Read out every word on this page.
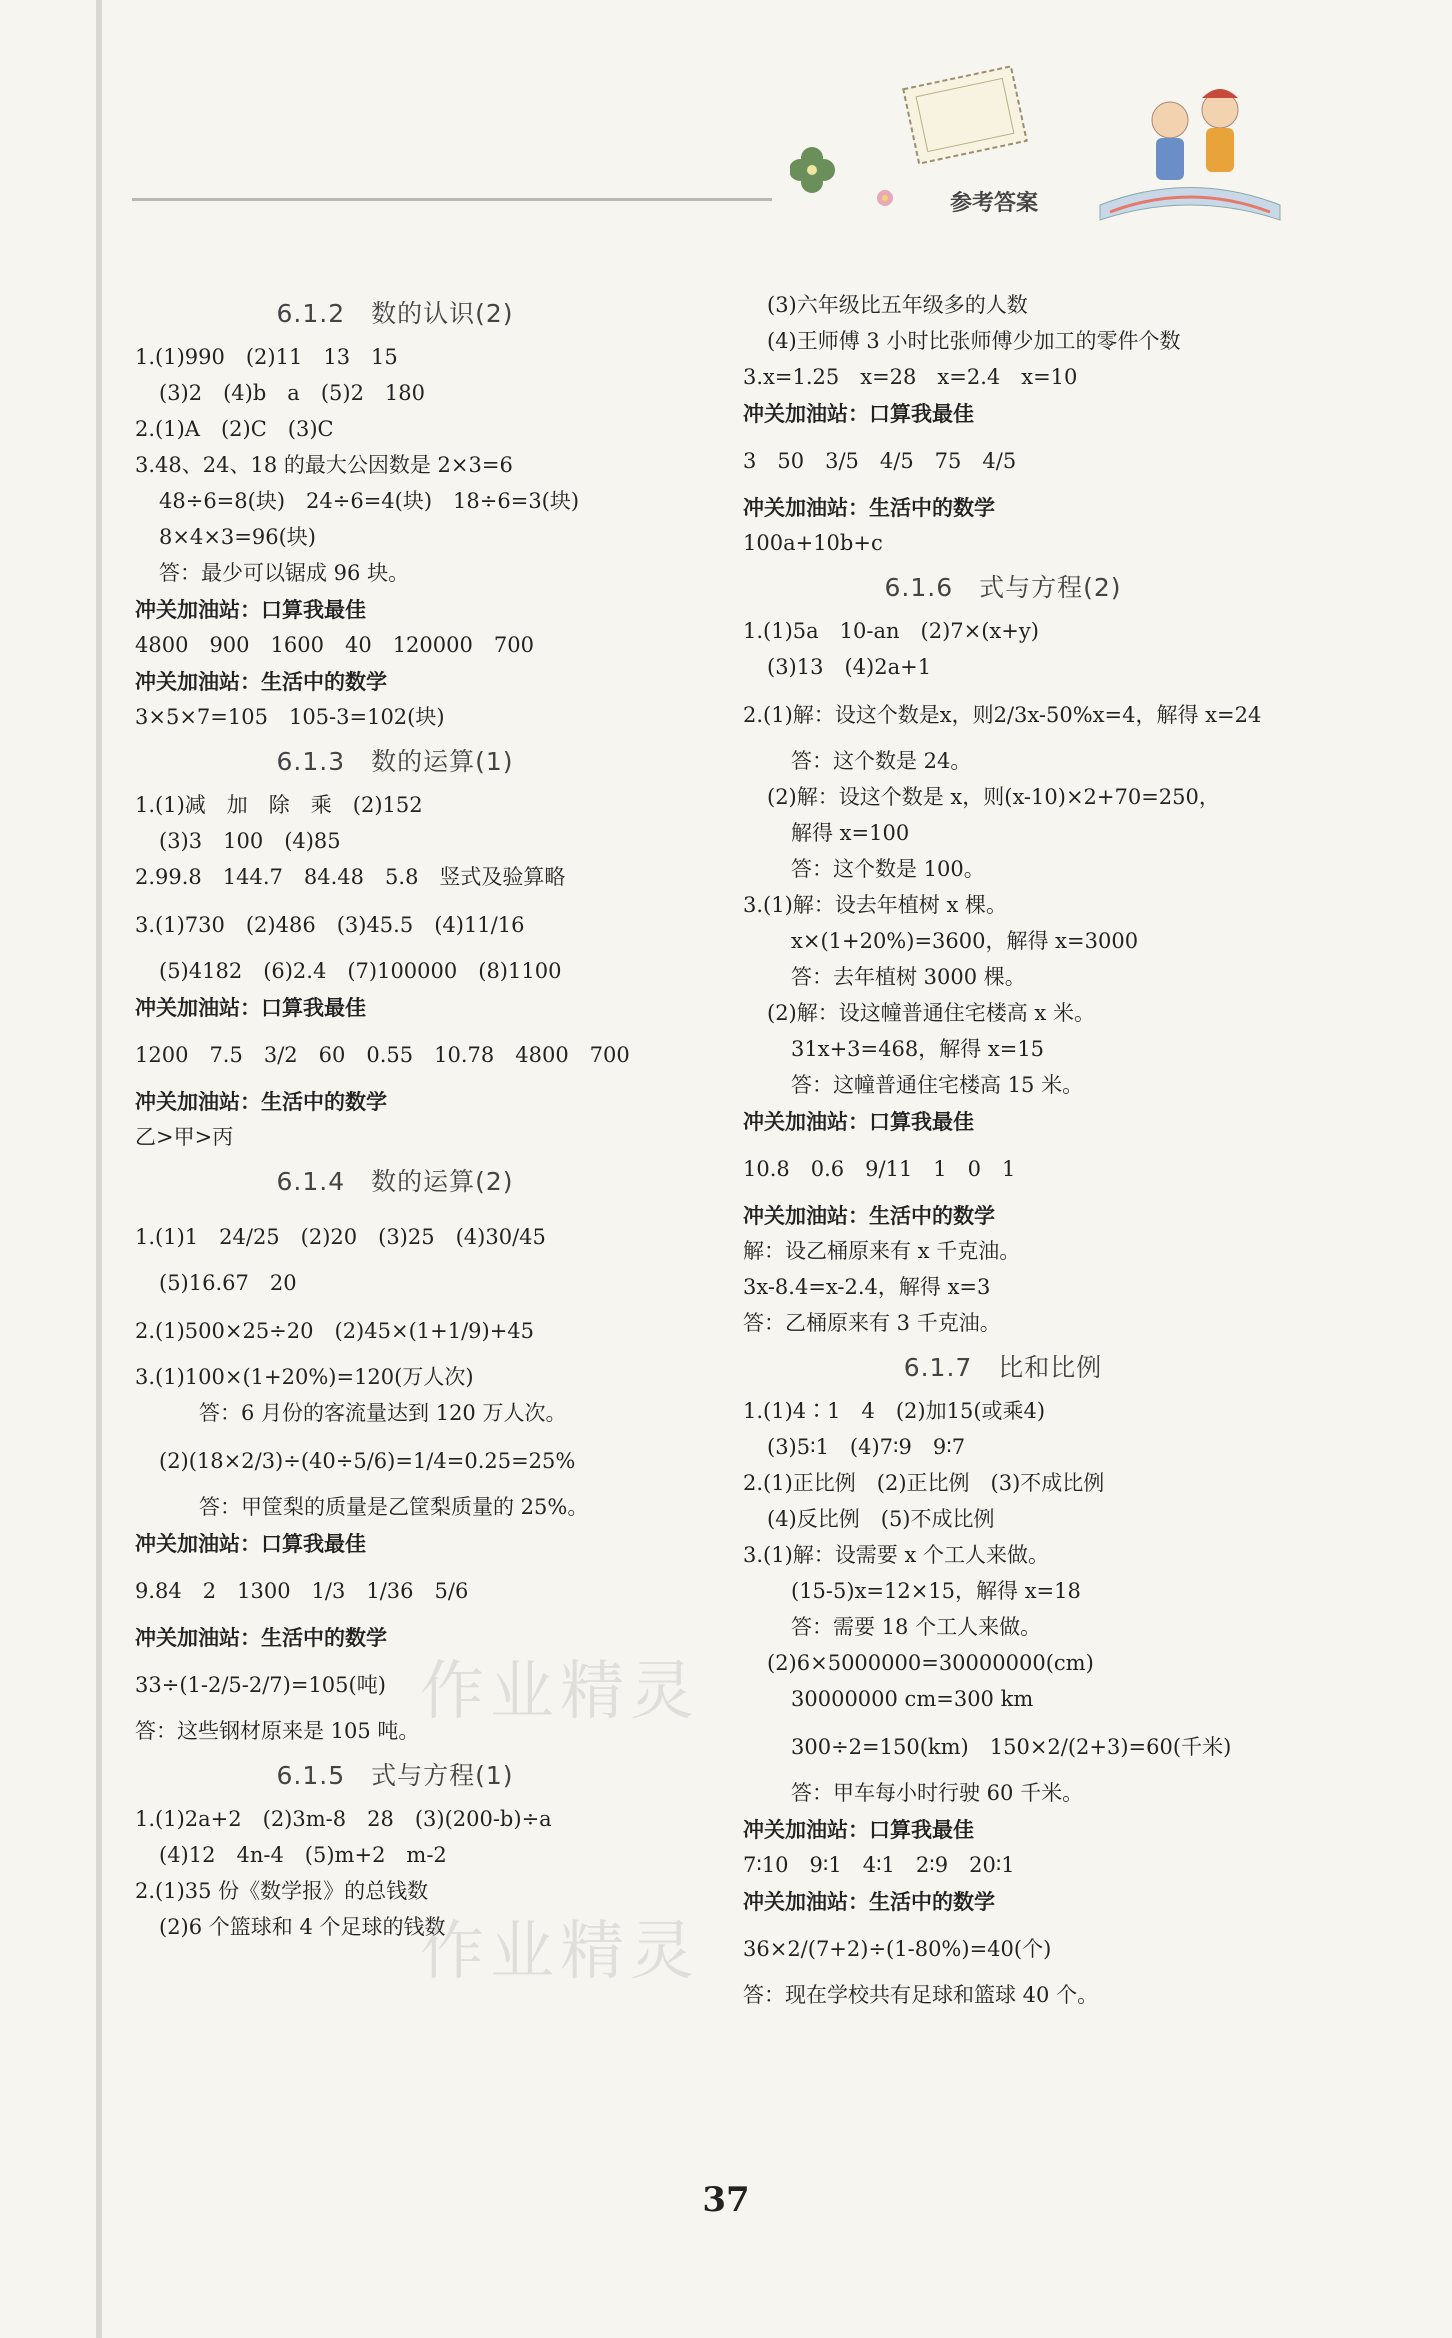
参考答案
6.1.2　数的认识(2)
1.(1)990　(2)11　13　15
(3)2　(4)b　a　(5)2　180
2.(1)A　(2)C　(3)C
3.48、24、18 的最大公因数是 2×3=6
48÷6=8(块)　24÷6=4(块)　18÷6=3(块)
8×4×3=96(块)
答：最少可以锯成 96 块。
冲关加油站：口算我最佳
4800　900　1600　40　120000　700
冲关加油站：生活中的数学
3×5×7=105　105-3=102(块)
6.1.3　数的运算(1)
1.(1)减　加　除　乘　(2)152
(3)3　100　(4)85
2.99.8　144.7　84.48　5.8　竖式及验算略
3.(1)730　(2)486　(3)45.5　(4)11/16
(5)4182　(6)2.4　(7)100000　(8)1100
冲关加油站：口算我最佳
1200　7.5　3/2　60　0.55　10.78　4800　700
冲关加油站：生活中的数学
乙>甲>丙
6.1.4　数的运算(2)
1.(1)1　24/25　(2)20　(3)25　(4)30/45
(5)16.67　20
2.(1)500×25÷20　(2)45×(1+1/9)+45
3.(1)100×(1+20%)=120(万人次)
答：6 月份的客流量达到 120 万人次。
(2)(18×2/3)÷(40÷5/6)=1/4=0.25=25%
答：甲筐梨的质量是乙筐梨质量的 25%。
冲关加油站：口算我最佳
9.84　2　1300　1/3　1/36　5/6
冲关加油站：生活中的数学
33÷(1-2/5-2/7)=105(吨)
答：这些钢材原来是 105 吨。
6.1.5　式与方程(1)
1.(1)2a+2　(2)3m-8　28　(3)(200-b)÷a
(4)12　4n-4　(5)m+2　m-2
2.(1)35 份《数学报》的总钱数
(2)6 个篮球和 4 个足球的钱数
(3)六年级比五年级多的人数
(4)王师傅 3 小时比张师傅少加工的零件个数
3.x=1.25　x=28　x=2.4　x=10
冲关加油站：口算我最佳
3　50　3/5　4/5　75　4/5
冲关加油站：生活中的数学
100a+10b+c
6.1.6　式与方程(2)
1.(1)5a　10-an　(2)7×(x+y)
(3)13　(4)2a+1
2.(1)解：设这个数是x，则2/3x-50%x=4，解得 x=24
答：这个数是 24。
(2)解：设这个数是 x，则(x-10)×2+70=250，
解得 x=100
答：这个数是 100。
3.(1)解：设去年植树 x 棵。
x×(1+20%)=3600，解得 x=3000
答：去年植树 3000 棵。
(2)解：设这幢普通住宅楼高 x 米。
31x+3=468，解得 x=15
答：这幢普通住宅楼高 15 米。
冲关加油站：口算我最佳
10.8　0.6　9/11　1　0　1
冲关加油站：生活中的数学
解：设乙桶原来有 x 千克油。
3x-8.4=x-2.4，解得 x=3
答：乙桶原来有 3 千克油。
6.1.7　比和比例
1.(1)4∶1　4　(2)加15(或乘4)
(3)5∶1　(4)7∶9　9∶7
2.(1)正比例　(2)正比例　(3)不成比例
(4)反比例　(5)不成比例
3.(1)解：设需要 x 个工人来做。
(15-5)x=12×15，解得 x=18
答：需要 18 个工人来做。
(2)6×5000000=30000000(cm)
30000000 cm=300 km
300÷2=150(km)　150×2/(2+3)=60(千米)
答：甲车每小时行驶 60 千米。
冲关加油站：口算我最佳
7∶10　9∶1　4∶1　2∶9　20∶1
冲关加油站：生活中的数学
36×2/(7+2)÷(1-80%)=40(个)
答：现在学校共有足球和篮球 40 个。
作业精灵
作业精灵
37
